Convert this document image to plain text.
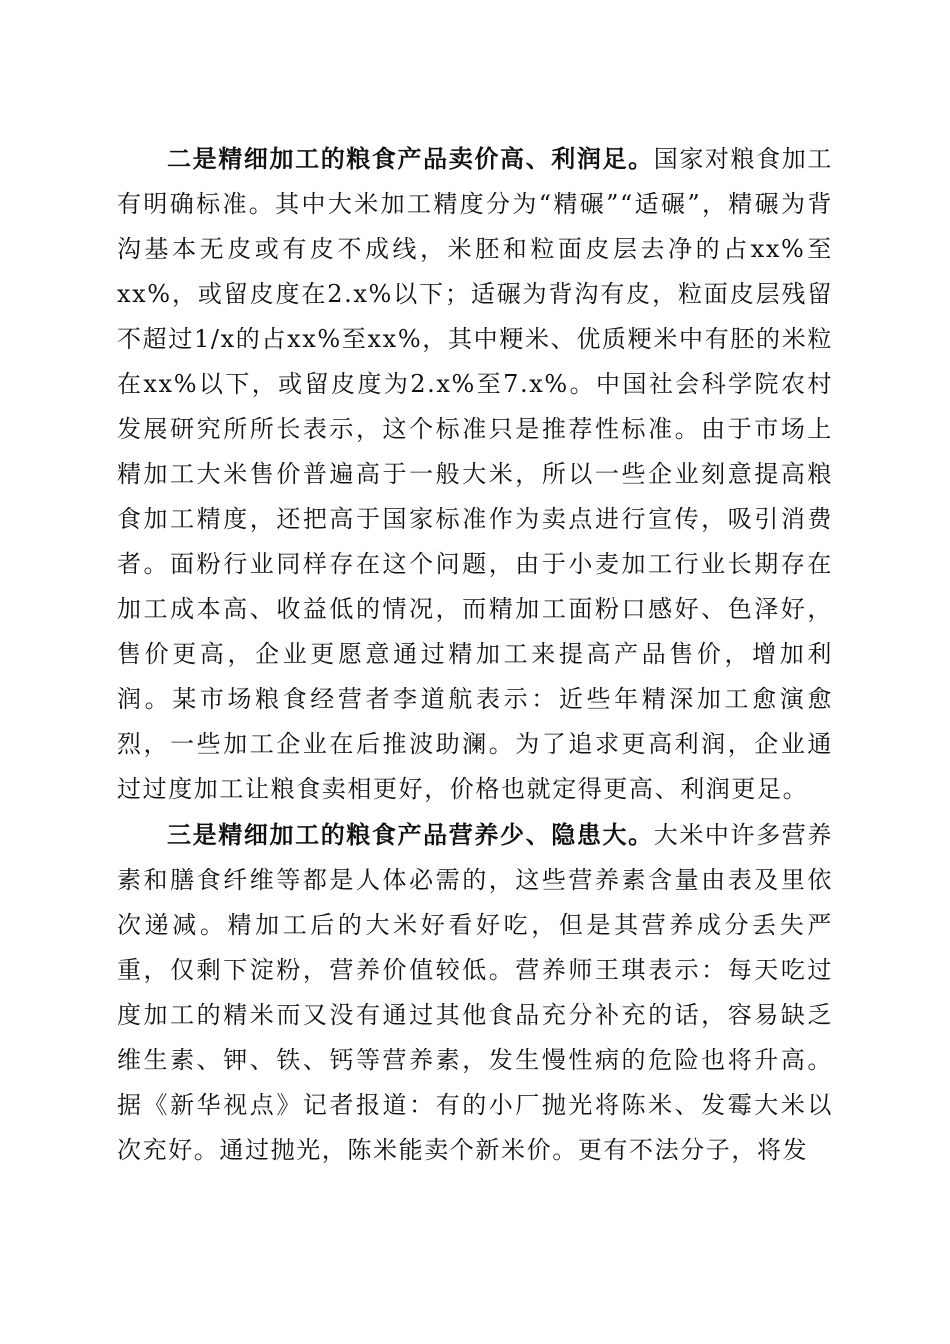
二是精细加工的粮食产品卖价高、利润足。国家对粮食加工有明确标准。其中大米加工精度分为“精碾”“适碾”，精碾为背沟基本无皮或有皮不成线，米胚和粒面皮层去净的占xx%至xx%，或留皮度在2.x%以下；适碾为背沟有皮，粒面皮层残留不超过1/x的占xx%至xx%，其中粳米、优质粳米中有胚的米粒在xx%以下，或留皮度为2.x%至7.x%。中国社会科学院农村发展研究所所长表示，这个标准只是推荐性标准。由于市场上精加工大米售价普遍高于一般大米，所以一些企业刻意提高粮食加工精度，还把高于国家标准作为卖点进行宣传，吸引消费者。面粉行业同样存在这个问题，由于小麦加工行业长期存在加工成本高、收益低的情况，而精加工面粉口感好、色泽好，售价更高，企业更愿意通过精加工来提高产品售价，增加利润。某市场粮食经营者李道航表示：近些年精深加工愈演愈烈，一些加工企业在后推波助澜。为了追求更高利润，企业通过过度加工让粮食卖相更好，价格也就定得更高、利润更足。

三是精细加工的粮食产品营养少、隐患大。大米中许多营养素和膳食纤维等都是人体必需的，这些营养素含量由表及里依次递减。精加工后的大米好看好吃，但是其营养成分丢失严重，仅剩下淀粉，营养价值较低。营养师王琪表示：每天吃过度加工的精米而又没有通过其他食品充分补充的话，容易缺乏维生素、钾、铁、钙等营养素，发生慢性病的危险也将升高。据《新华视点》记者报道：有的小厂抛光将陈米、发霉大米以次充好。通过抛光，陈米能卖个新米价。更有不法分子，将发
